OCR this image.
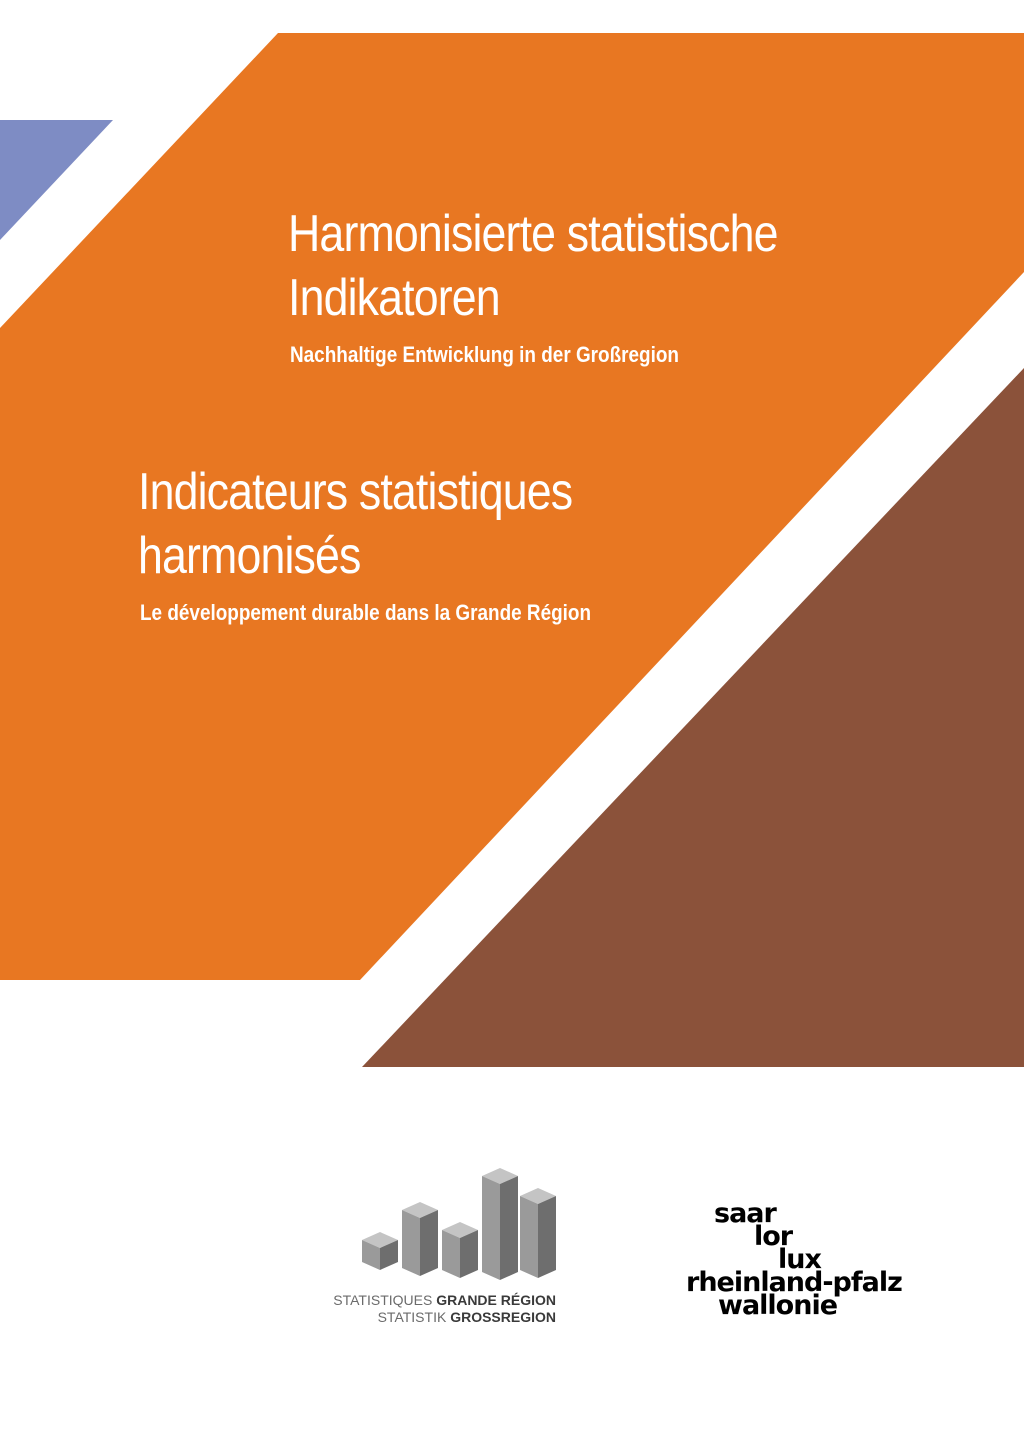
Harmonisierte statistische
Indikatoren

Nachhaltige Entwicklung in der Großregion

Indicateurs statistiques
harmonisés

Le développement durable dans la Grande Région

STATISTIQUES GRANDE RÉGION
STATISTIK GROSSREGION
saar
lor
lux
rheinland-pfalz
wallonie
